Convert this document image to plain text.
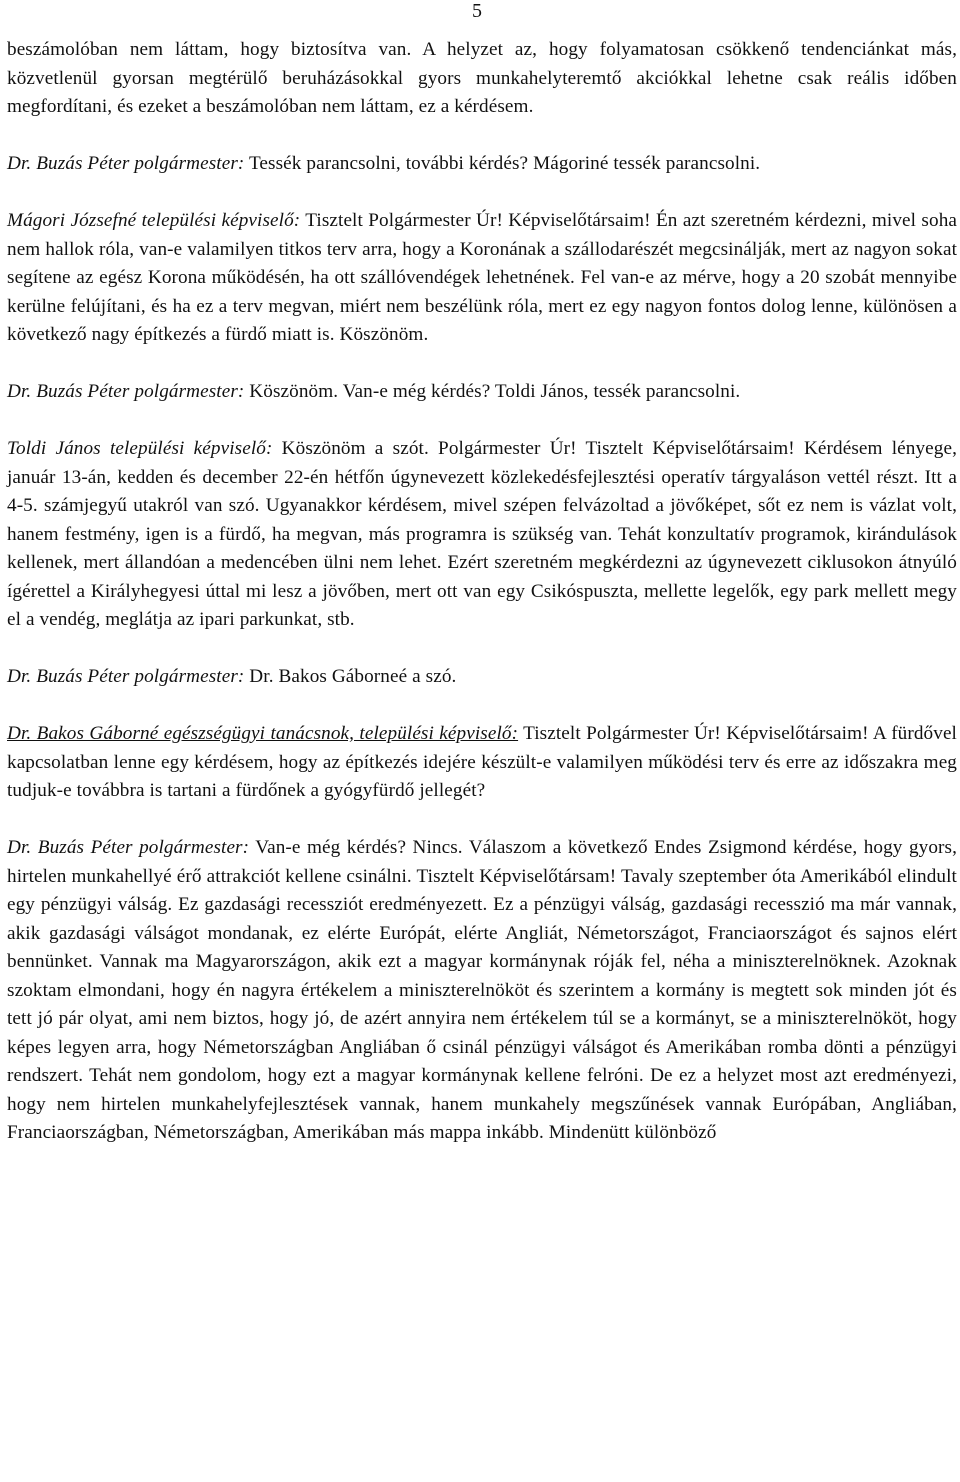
5

beszámolóban nem láttam, hogy biztosítva van. A helyzet az, hogy folyamatosan csökkenő tendenciánkat más, közvetlenül gyorsan megtérülő beruházásokkal gyors munkahelyteremtő akciókkal lehetne csak reális időben megfordítani, és ezeket a beszámolóban nem láttam, ez a kérdésem.

Dr. Buzás Péter polgármester: Tessék parancsolni, további kérdés? Mágoriné tessék parancsolni.

Mágori Józsefné települési képviselő: Tisztelt Polgármester Úr! Képviselőtársaim! Én azt szeretném kérdezni, mivel soha nem hallok róla, van-e valamilyen titkos terv arra, hogy a Koronának a szállodarészét megcsinálják, mert az nagyon sokat segítene az egész Korona működésén, ha ott szállóvendégek lehetnének. Fel van-e az mérve, hogy a 20 szobát mennyibe kerülne felújítani, és ha ez a terv megvan, miért nem beszélünk róla, mert ez egy nagyon fontos dolog lenne, különösen a következő nagy építkezés a fürdő miatt is. Köszönöm.

Dr. Buzás Péter polgármester: Köszönöm. Van-e még kérdés? Toldi János, tessék parancsolni.

Toldi János települési képviselő: Köszönöm a szót. Polgármester Úr! Tisztelt Képviselőtársaim! Kérdésem lényege, január 13-án, kedden és december 22-én hétfőn úgynevezett közlekedésfejlesztési operatív tárgyaláson vettél részt. Itt a 4-5. számjegyű utakról van szó. Ugyanakkor kérdésem, mivel szépen felvázoltad a jövőképet, sőt ez nem is vázlat volt, hanem festmény, igen is a fürdő, ha megvan, más programra is szükség van. Tehát konzultatív programok, kirándulások kellenek, mert állandóan a medencében ülni nem lehet. Ezért szeretném megkérdezni az úgynevezett ciklusokon átnyúló ígérettel a Királyhegyesi úttal mi lesz a jövőben, mert ott van egy Csikóspuszta, mellette legelők, egy park mellett megy el a vendég, meglátja az ipari parkunkat, stb.

Dr. Buzás Péter polgármester: Dr. Bakos Gáborneé a szó.

Dr. Bakos Gáborné egészségügyi tanácsnok, települési képviselő: Tisztelt Polgármester Úr! Képviselőtársaim! A fürdővel kapcsolatban lenne egy kérdésem, hogy az építkezés idejére készült-e valamilyen működési terv és erre az időszakra meg tudjuk-e továbbra is tartani a fürdőnek a gyógyfürdő jellegét?

Dr. Buzás Péter polgármester: Van-e még kérdés? Nincs. Válaszom a következő Endes Zsigmond kérdése, hogy gyors, hirtelen munkahellyé érő attrakciót kellene csinálni. Tisztelt Képviselőtársam! Tavaly szeptember óta Amerikából elindult egy pénzügyi válság. Ez gazdasági recessziót eredményezett. Ez a pénzügyi válság, gazdasági recesszió ma már vannak, akik gazdasági válságot mondanak, ez elérte Európát, elérte Angliát, Németországot, Franciaországot és sajnos elért bennünket. Vannak ma Magyarországon, akik ezt a magyar kormánynak róják fel, néha a miniszterelnöknek. Azoknak szoktam elmondani, hogy én nagyra értékelem a miniszterelnököt és szerintem a kormány is megtett sok minden jót és tett jó pár olyat, ami nem biztos, hogy jó, de azért annyira nem értékelem túl se a kormányt, se a miniszterelnököt, hogy képes legyen arra, hogy Németországban Angliában ő csinál pénzügyi válságot és Amerikában romba dönti a pénzügyi rendszert. Tehát nem gondolom, hogy ezt a magyar kormánynak kellene felróni. De ez a helyzet most azt eredményezi, hogy nem hirtelen munkahelyfejlesztések vannak, hanem munkahely megszűnések vannak Európában, Angliában, Franciaországban, Németországban, Amerikában más mappa inkább. Mindenütt különböző
